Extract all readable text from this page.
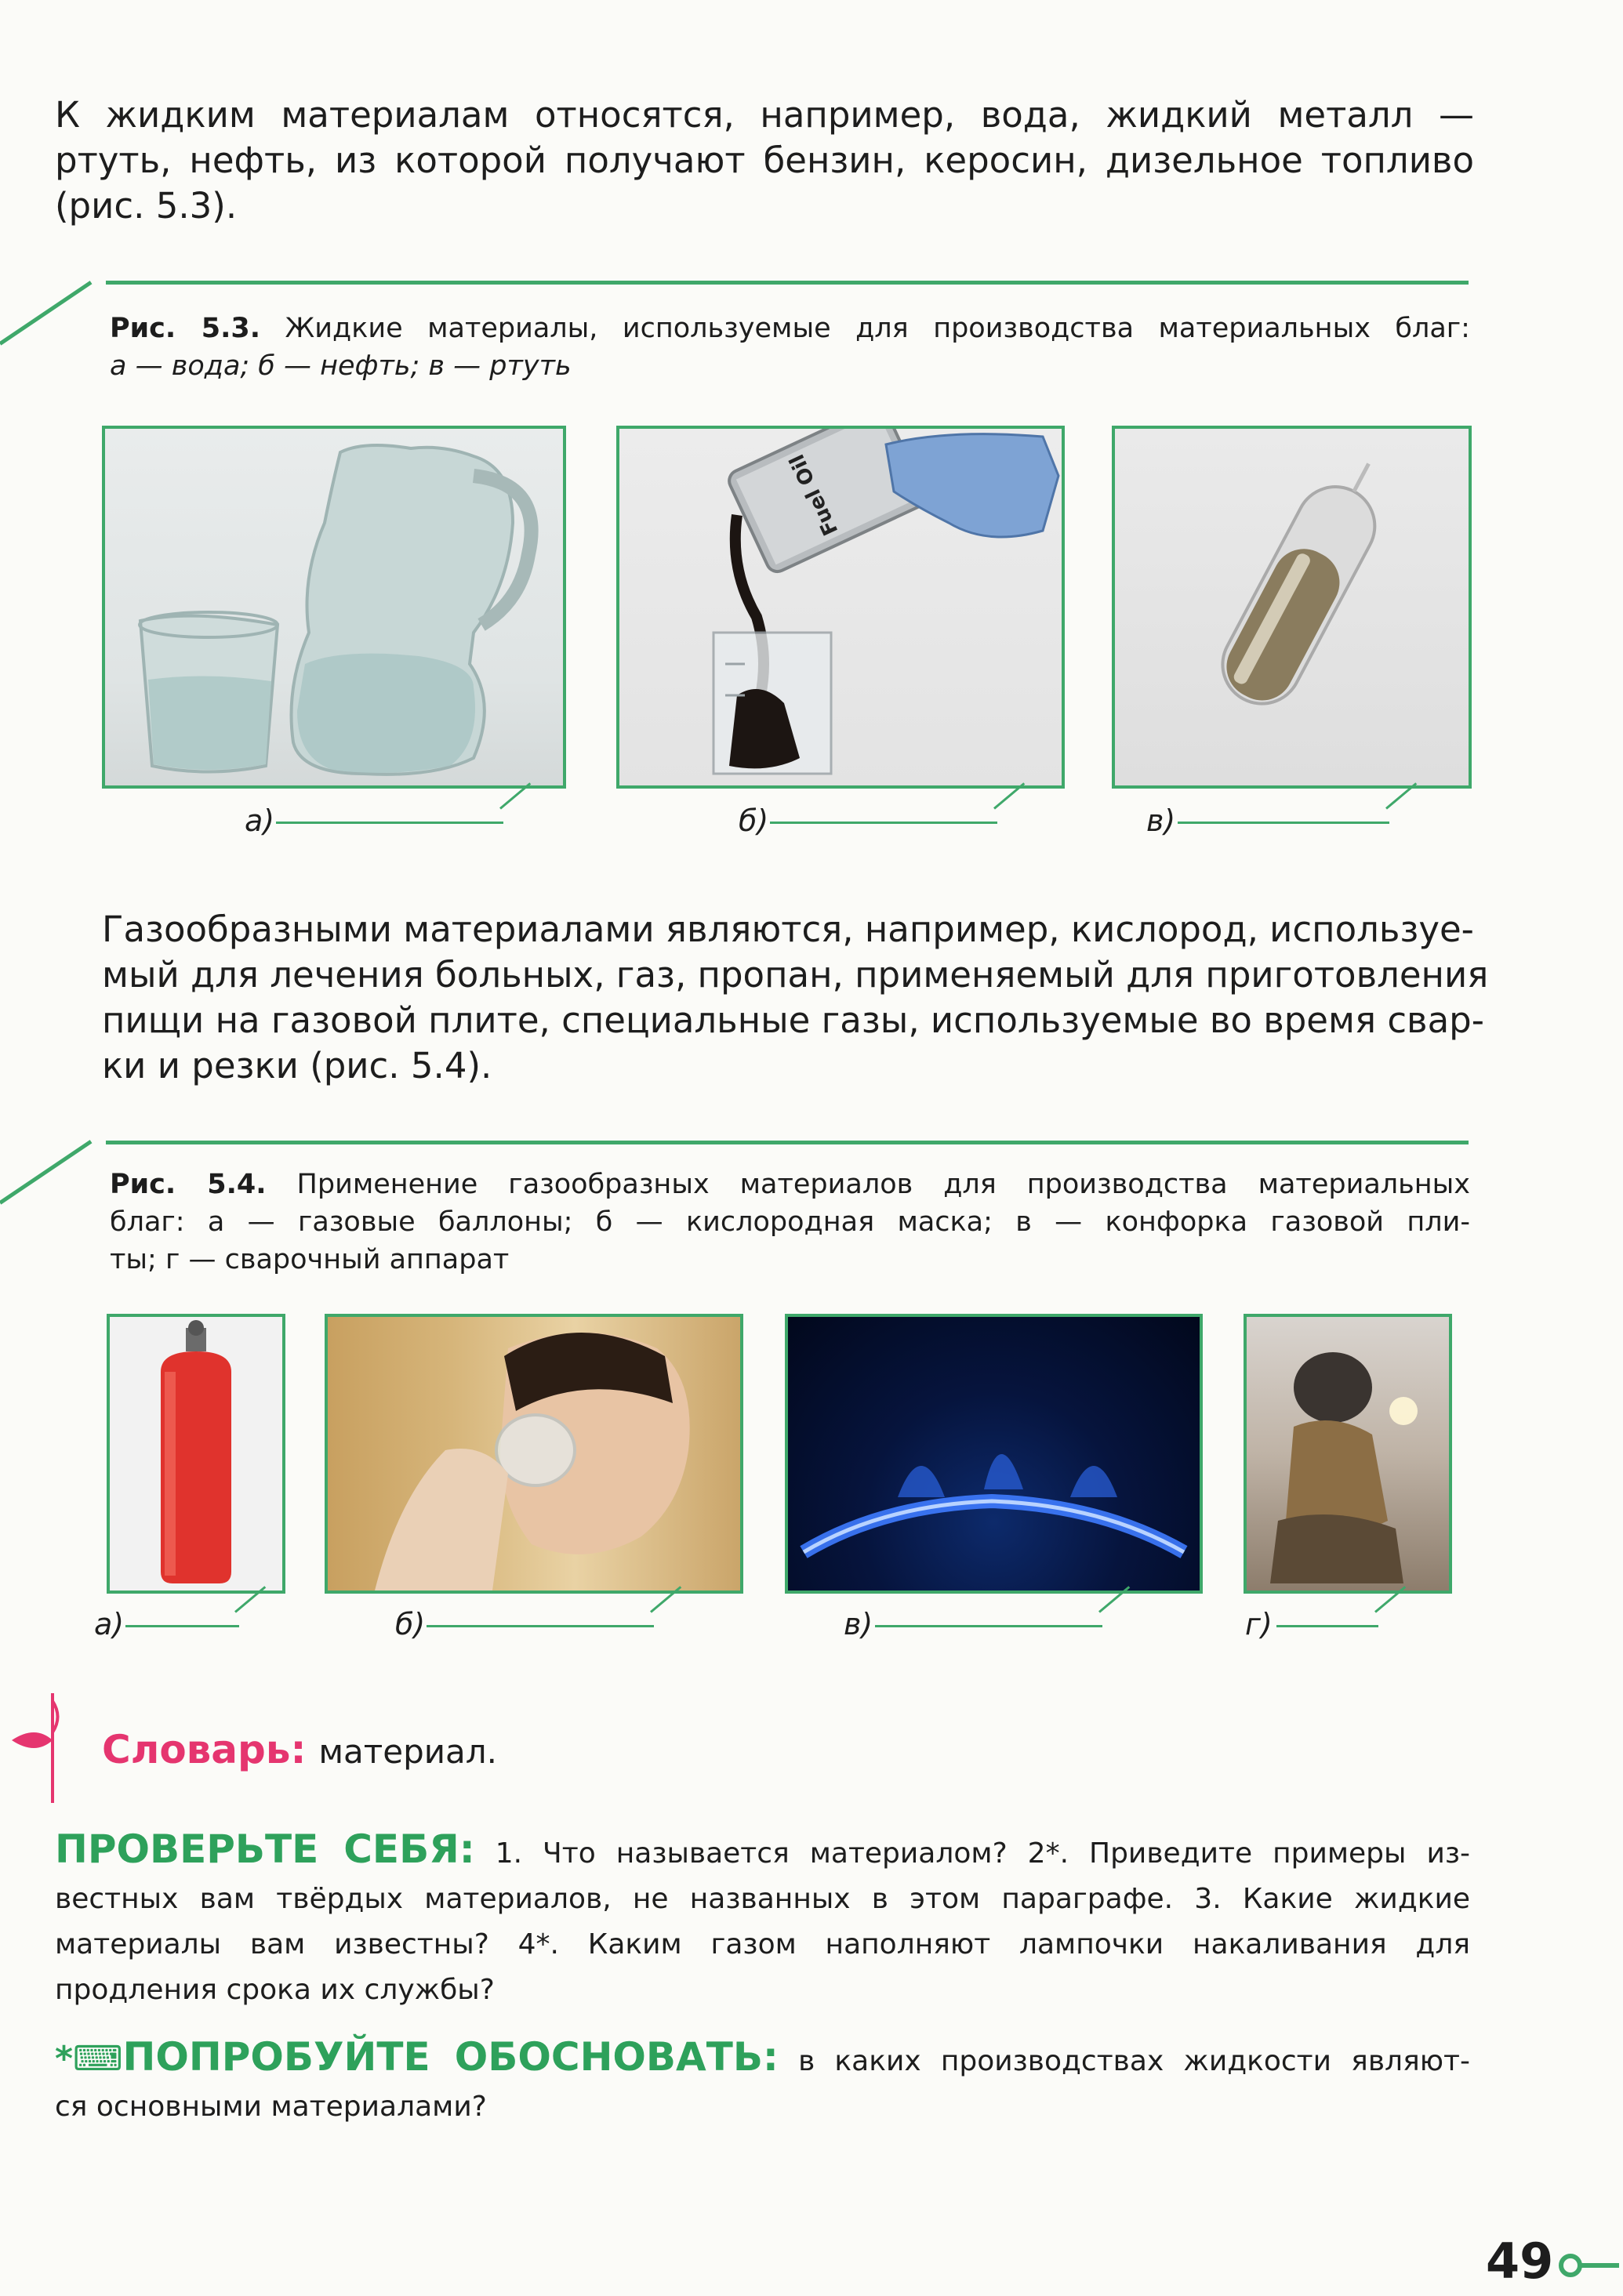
К жидким материалам относятся, например, вода, жидкий металл —
ртуть, нефть, из которой получают бензин, керосин, дизельное топливо
(рис. 5.3).
Рис. 5.3. Жидкие материалы, используемые для производства материальных благ:
а — вода; б — нефть; в — ртуть
а)
Fuel Oil
б)	в)
Газообразными материалами являются, например, кислород, используе-
мый для лечения больных, газ, пропан, применяемый для приготовления
пищи на газовой плите, специальные газы, используемые во время свар-
ки и резки (рис. 5.4).
Рис. 5.4. Применение газообразных материалов для производства материальных
благ: а — газовые баллоны; б — кислородная маска; в — конфорка газовой пли-
ты; г — сварочный аппарат
а)	б)	в)	г)
Словарь: материал.
ПРОВЕРЬТЕ СЕБЯ: 1. Что называется материалом? 2*. Приведите примеры из-
вестных вам твёрдых материалов, не названных в этом параграфе. 3. Какие жидкие
материалы вам известны? 4*. Каким газом наполняют лампочки накаливания для
продления срока их службы?
*⌨ПОПРОБУЙТЕ ОБОСНОВАТЬ: в каких производствах жидкости являют-
ся основными материалами?
49
